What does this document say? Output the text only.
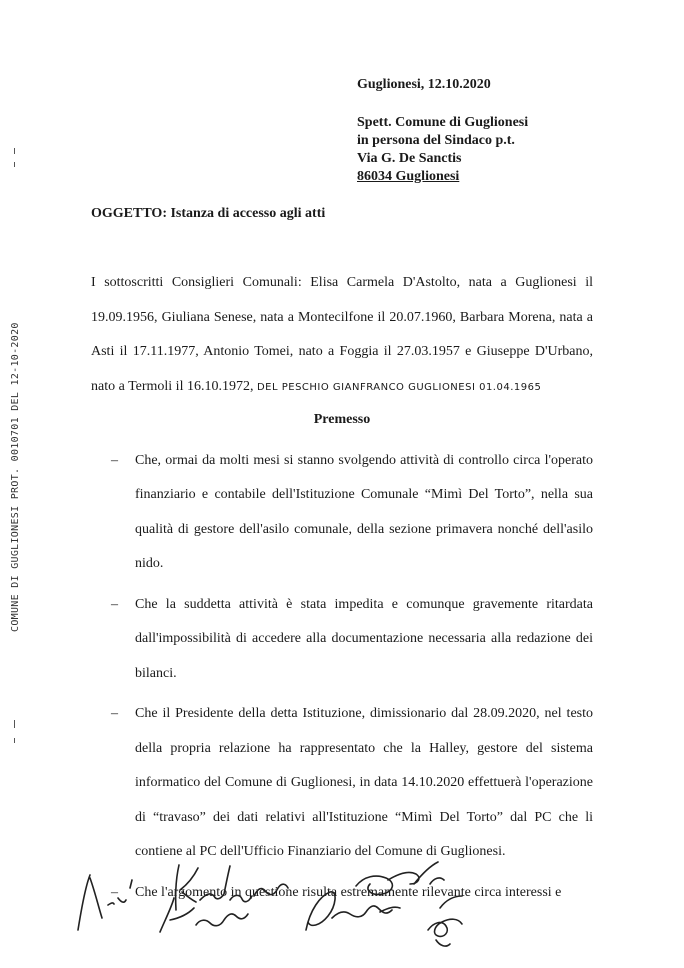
COMUNE DI GUGLIONESI PROT. 0010701 DEL 12-10-2020
Guglionesi, 12.10.2020
Spett. Comune di Guglionesi
in persona del Sindaco p.t.
Via G. De Sanctis
86034 Guglionesi
OGGETTO: Istanza di accesso agli atti
I sottoscritti Consiglieri Comunali: Elisa Carmela D'Astolto, nata a Guglionesi il 19.09.1956, Giuliana Senese, nata a Montecilfone il 20.07.1960, Barbara Morena, nata a Asti il 17.11.1977, Antonio Tomei, nato a Foggia il 27.03.1957 e Giuseppe D'Urbano, nato a Termoli il 16.10.1972, DEL PESCHIO GIANFRANCO GUGLIONESI 01.04.1965
Premesso
– Che, ormai da molti mesi si stanno svolgendo attività di controllo circa l'operato finanziario e contabile dell'Istituzione Comunale “Mimì Del Torto”, nella sua qualità di gestore dell'asilo comunale, della sezione primavera nonché dell'asilo nido.
– Che la suddetta attività è stata impedita e comunque gravemente ritardata dall'impossibilità di accedere alla documentazione necessaria alla redazione dei bilanci.
– Che il Presidente della detta Istituzione, dimissionario dal 28.09.2020, nel testo della propria relazione ha rappresentato che la Halley, gestore del sistema informatico del Comune di Guglionesi, in data 14.10.2020 effettuerà l'operazione di “travaso” dei dati relativi all'Istituzione “Mimì Del Torto” dal PC che li contiene al PC dell'Ufficio Finanziario del Comune di Guglionesi.
– Che l'argomento in questione risulta estremamente rilevante circa interessi e
